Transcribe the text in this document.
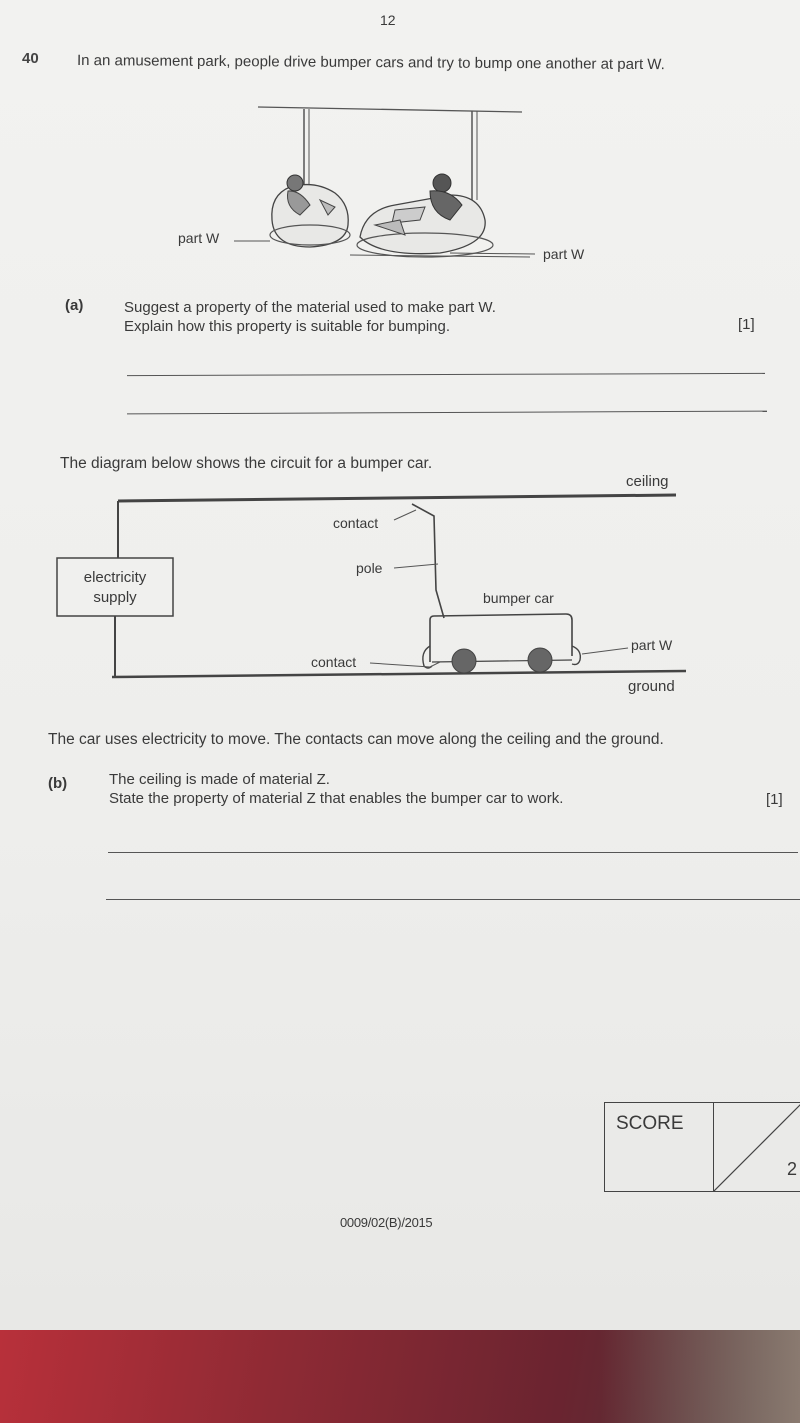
12
40	In an amusement park, people drive bumper cars and try to bump one another at part W.
part W
part W
(a)	Suggest a property of the material used to make part W.
Explain how this property is suitable for bumping.	[1]
The diagram below shows the circuit for a bumper car.
ceiling
contact
pole
electricity
supply	bumper car
part W
contact
ground
The car uses electricity to move. The contacts can move along the ceiling and the ground.
(b)	The ceiling is made of material Z.
State the property of material Z that enables the bumper car to work.	[1]
SCORE
2
0009/02(B)/2015
